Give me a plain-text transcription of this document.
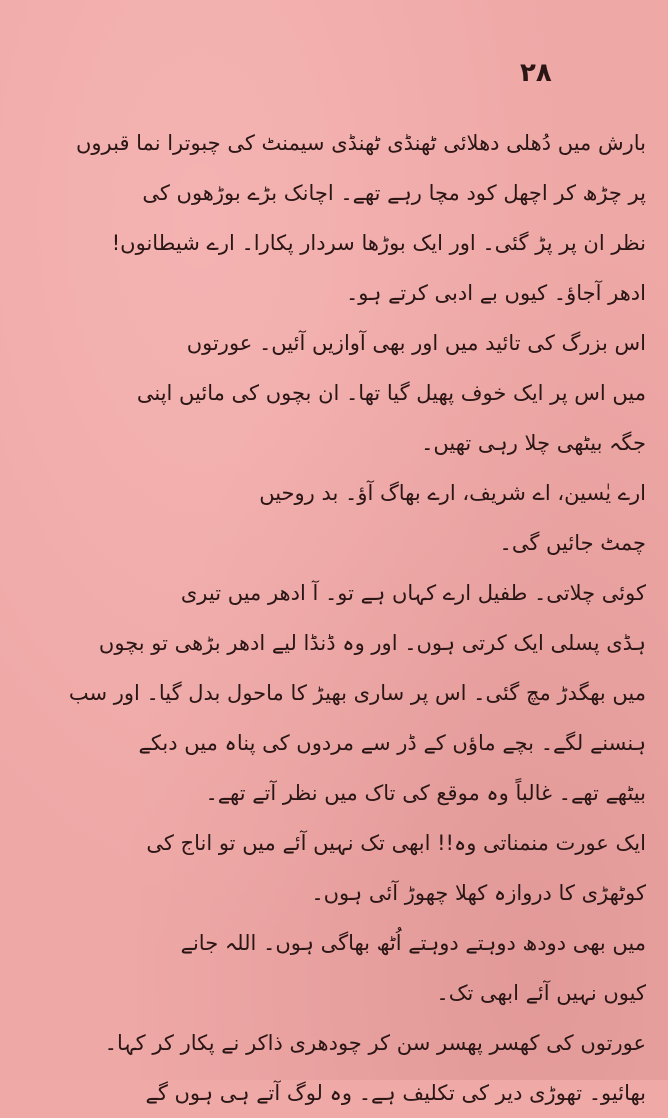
۲۸
بارش میں دُھلی دھلائی ٹھنڈی ٹھنڈی سیمنٹ کی چبوترا نما قبروں
پر چڑھ کر اچھل کود مچا رہے تھے۔ اچانک بڑے بوڑھوں کی
نظر ان پر پڑ گئی۔ اور ایک بوڑھا سردار پکارا۔ ارے شیطانوں!
ادھر آجاؤ۔ کیوں بے ادبی کرتے ہو۔
اس بزرگ کی تائید میں اور بھی آوازیں آئیں۔ عورتوں
میں اس پر ایک خوف پھیل گیا تھا۔ ان بچوں کی مائیں اپنی
جگہ بیٹھی چلا رہی تھیں۔
ارے یٰسین، اے شریف، ارے بھاگ آؤ۔ بد روحیں
چمٹ جائیں گی۔
کوئی چلاتی۔ طفیل ارے کہاں ہے تو۔ آ ادھر میں تیری
ہڈی پسلی ایک کرتی ہوں۔ اور وہ ڈنڈا لیے ادھر بڑھی تو بچوں
میں بھگدڑ مچ گئی۔ اس پر ساری بھیڑ کا ماحول بدل گیا۔ اور سب
ہنسنے لگے۔ بچے ماؤں کے ڈر سے مردوں کی پناہ میں دبکے
بیٹھے تھے۔ غالباً وہ موقع کی تاک میں نظر آتے تھے۔
ایک عورت منمناتی وہ!! ابھی تک نہیں آئے میں تو اناج کی
کوٹھڑی کا دروازہ کھلا چھوڑ آئی ہوں۔
میں بھی دودھ دوہتے دوہتے اُٹھ بھاگی ہوں۔ اللہ جانے
کیوں نہیں آئے ابھی تک۔
عورتوں کی کھسر پھسر سن کر چودھری ذاکر نے پکار کر کہا۔
بھائیو۔ تھوڑی دیر کی تکلیف ہے۔ وہ لوگ آتے ہی ہوں گے
